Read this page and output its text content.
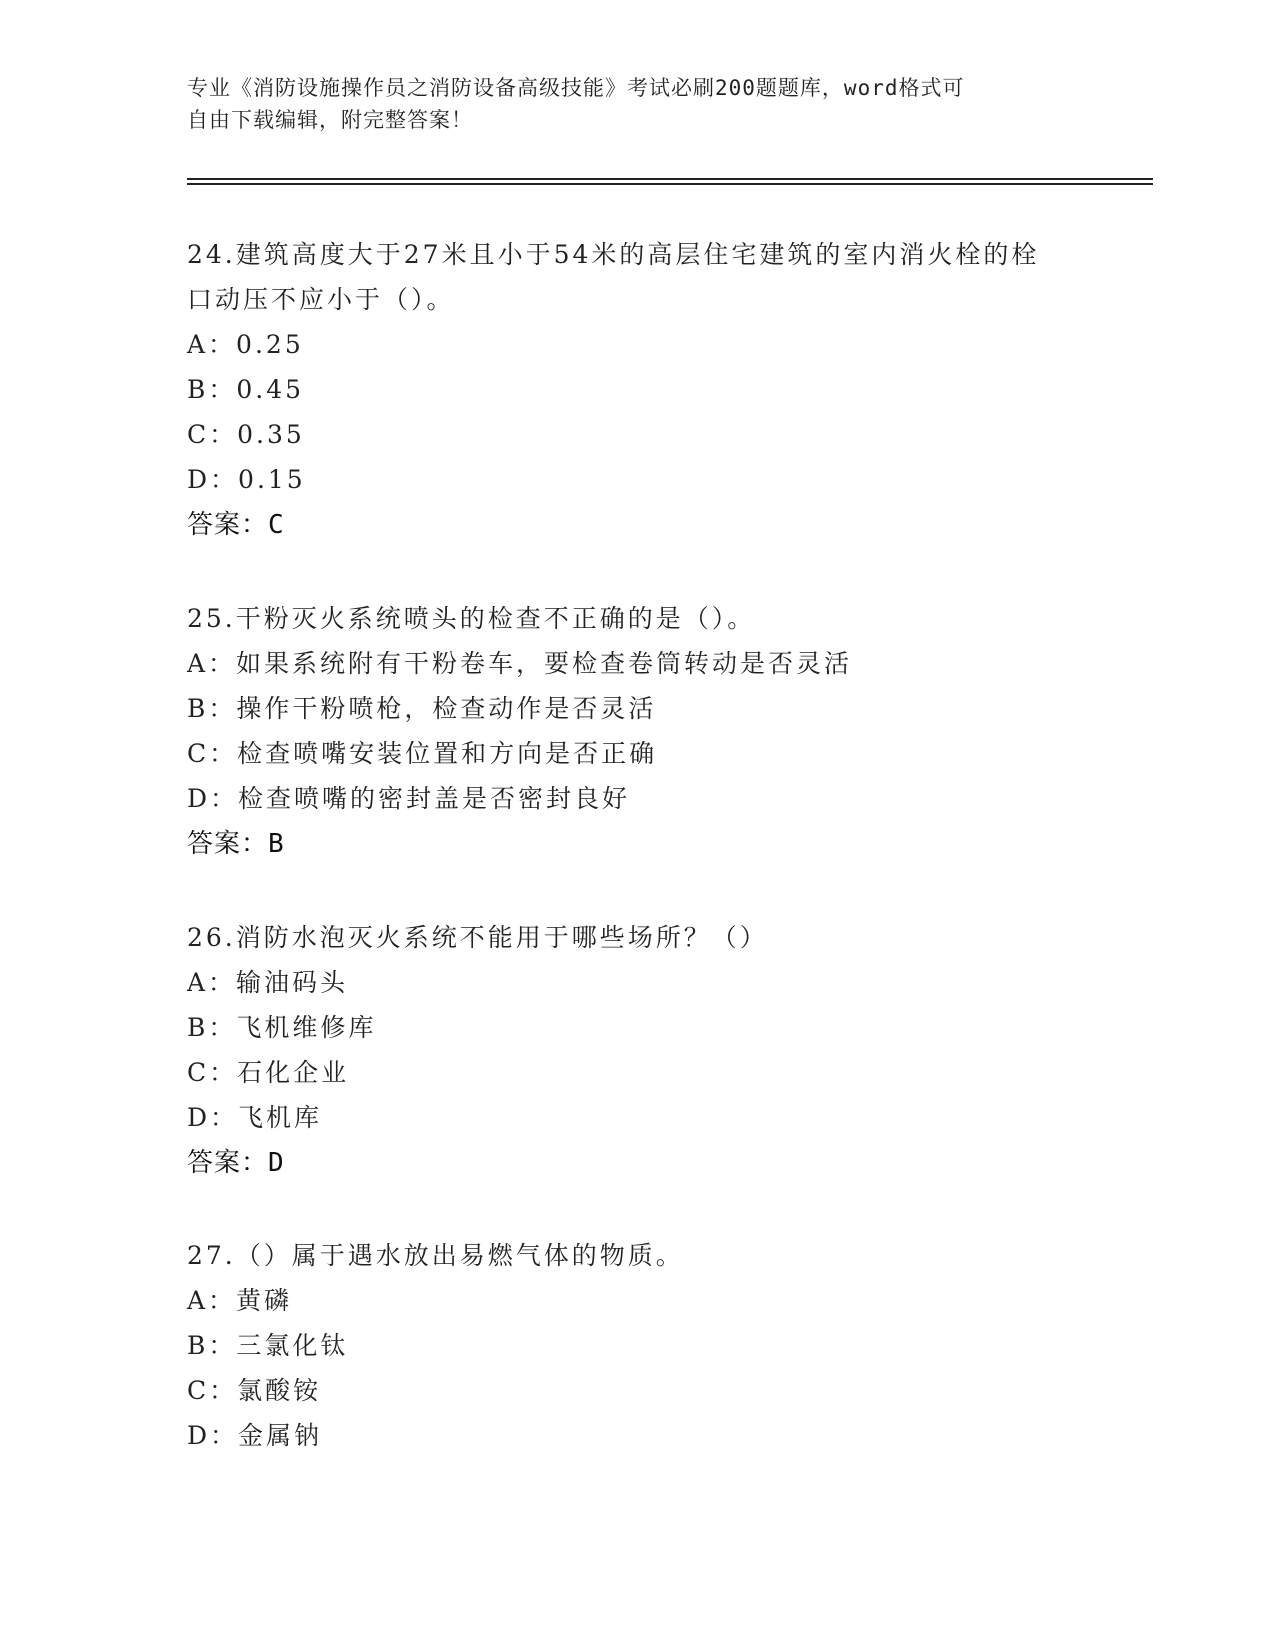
专业《消防设施操作员之消防设备高级技能》考试必刷200题题库，word格式可
自由下载编辑，附完整答案！

24.建筑高度大于27米且小于54米的高层住宅建筑的室内消火栓的栓

口动压不应小于（）。

A：0.25

B：0.45

C：0.35

D：0.15

答案：C

25.干粉灭火系统喷头的检查不正确的是（）。

A：如果系统附有干粉卷车，要检查卷筒转动是否灵活

B：操作干粉喷枪，检查动作是否灵活

C：检查喷嘴安装位置和方向是否正确

D：检查喷嘴的密封盖是否密封良好

答案：B

26.消防水泡灭火系统不能用于哪些场所？（）

A：输油码头

B：飞机维修库

C：石化企业

D：飞机库

答案：D

27.（）属于遇水放出易燃气体的物质。

A：黄磷

B：三氯化钛

C：氯酸铵

D：金属钠
